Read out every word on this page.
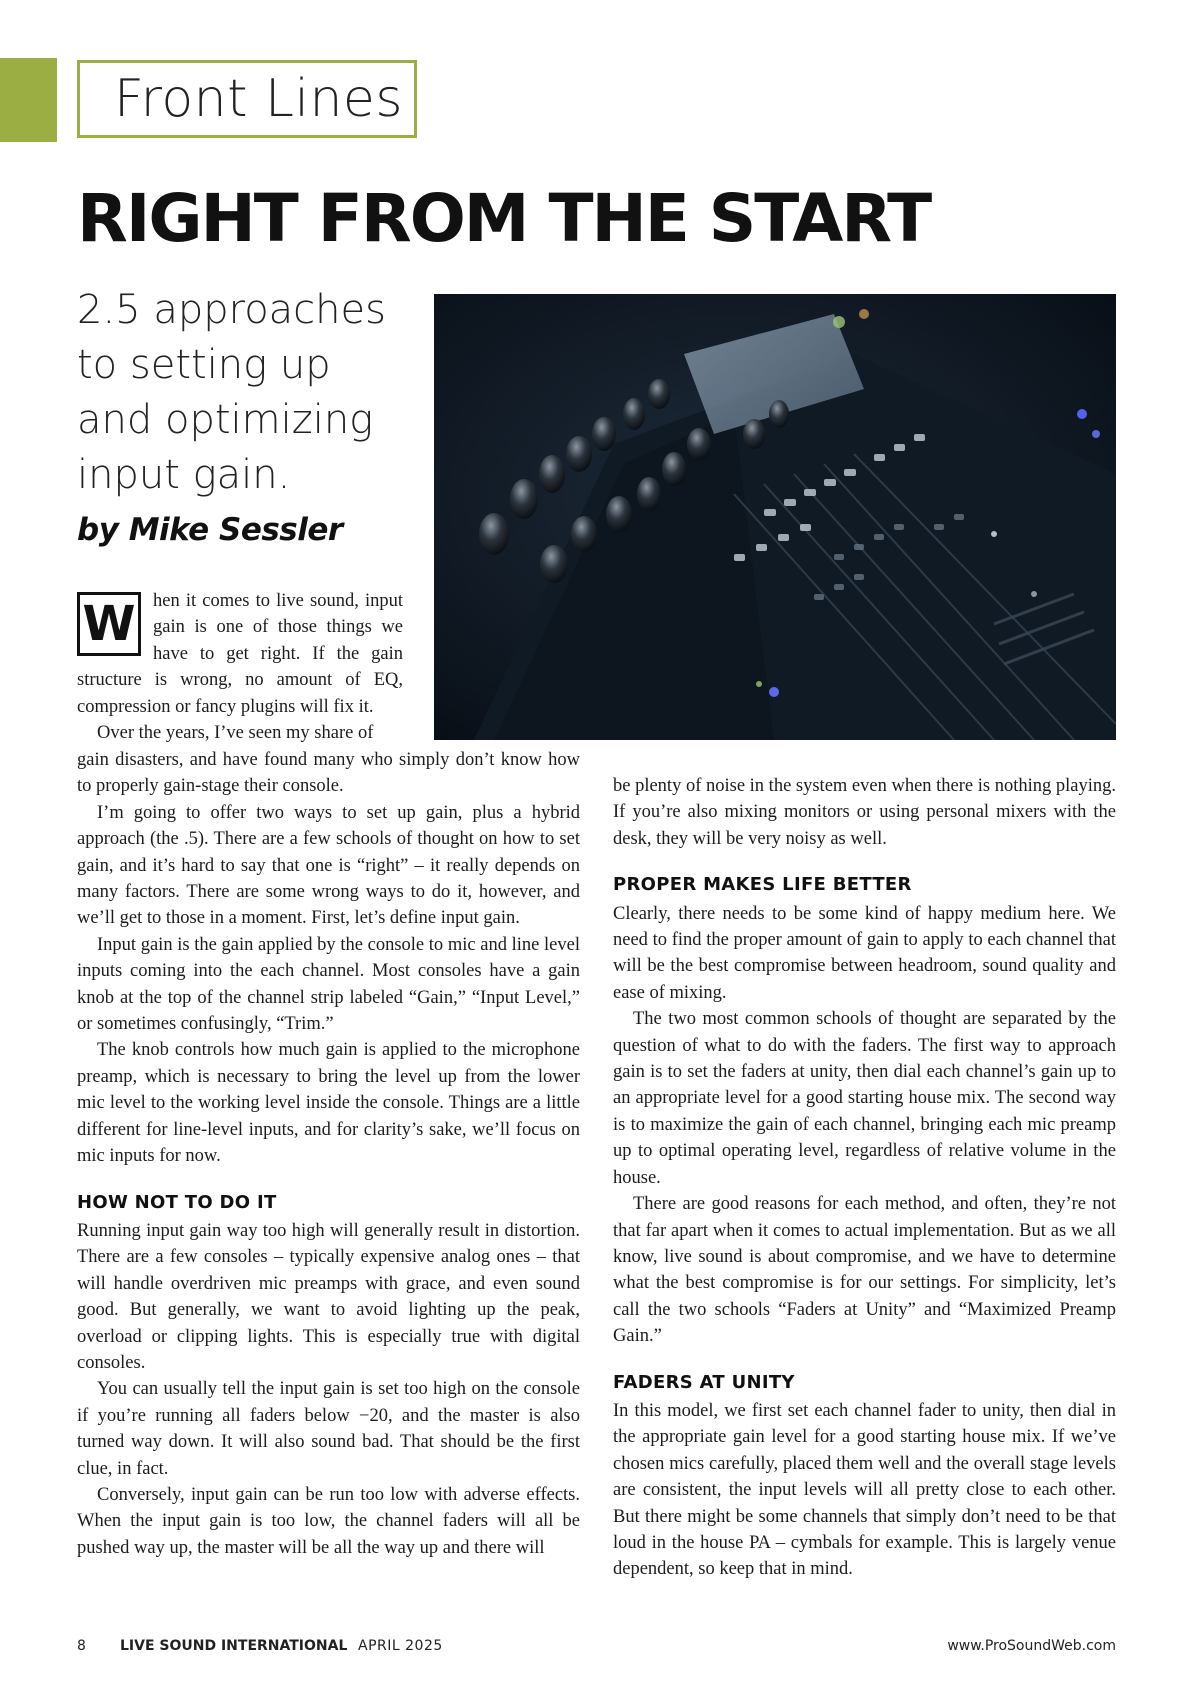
Front Lines
RIGHT FROM THE START
2.5 approaches to setting up and optimizing input gain.
by Mike Sessler
W hen it comes to live sound, input gain is one of those things we have to get right. If the gain structure is wrong, no amount of EQ, compression or fancy plugins will fix it.

Over the years, I’ve seen my share of

gain disasters, and have found many who simply don’t know how to properly gain-stage their console.

I’m going to offer two ways to set up gain, plus a hybrid approach (the .5). There are a few schools of thought on how to set gain, and it’s hard to say that one is “right” – it really depends on many factors. There are some wrong ways to do it, however, and we’ll get to those in a moment. First, let’s define input gain.

Input gain is the gain applied by the console to mic and line level inputs coming into the each channel. Most consoles have a gain knob at the top of the channel strip labeled “Gain,” “Input Level,” or sometimes confusingly, “Trim.”

The knob controls how much gain is applied to the microphone preamp, which is necessary to bring the level up from the lower mic level to the working level inside the console. Things are a little different for line-level inputs, and for clarity’s sake, we’ll focus on mic inputs for now.

HOW NOT TO DO IT

Running input gain way too high will generally result in distortion. There are a few consoles – typically expensive analog ones – that will handle overdriven mic preamps with grace, and even sound good. But generally, we want to avoid lighting up the peak, overload or clipping lights. This is especially true with digital consoles.

You can usually tell the input gain is set too high on the console if you’re running all faders below −20, and the master is also turned way down. It will also sound bad. That should be the first clue, in fact.

Conversely, input gain can be run too low with adverse effects. When the input gain is too low, the channel faders will all be pushed way up, the master will be all the way up and there will

be plenty of noise in the system even when there is nothing playing. If you’re also mixing monitors or using personal mixers with the desk, they will be very noisy as well.

PROPER MAKES LIFE BETTER

Clearly, there needs to be some kind of happy medium here. We need to find the proper amount of gain to apply to each channel that will be the best compromise between headroom, sound quality and ease of mixing.

The two most common schools of thought are separated by the question of what to do with the faders. The first way to approach gain is to set the faders at unity, then dial each channel’s gain up to an appropriate level for a good starting house mix. The second way is to maximize the gain of each channel, bringing each mic preamp up to optimal operating level, regardless of relative volume in the house.

There are good reasons for each method, and often, they’re not that far apart when it comes to actual implementation. But as we all know, live sound is about compromise, and we have to determine what the best compromise is for our settings. For simplicity, let’s call the two schools “Faders at Unity” and “Maximized Preamp Gain.”

FADERS AT UNITY

In this model, we first set each channel fader to unity, then dial in the appropriate gain level for a good starting house mix. If we’ve chosen mics carefully, placed them well and the overall stage levels are consistent, the input levels will all pretty close to each other. But there might be some channels that simply don’t need to be that loud in the house PA – cymbals for example. This is largely venue dependent, so keep that in mind.

8 LIVE SOUND INTERNATIONAL APRIL 2025	www.ProSoundWeb.com
